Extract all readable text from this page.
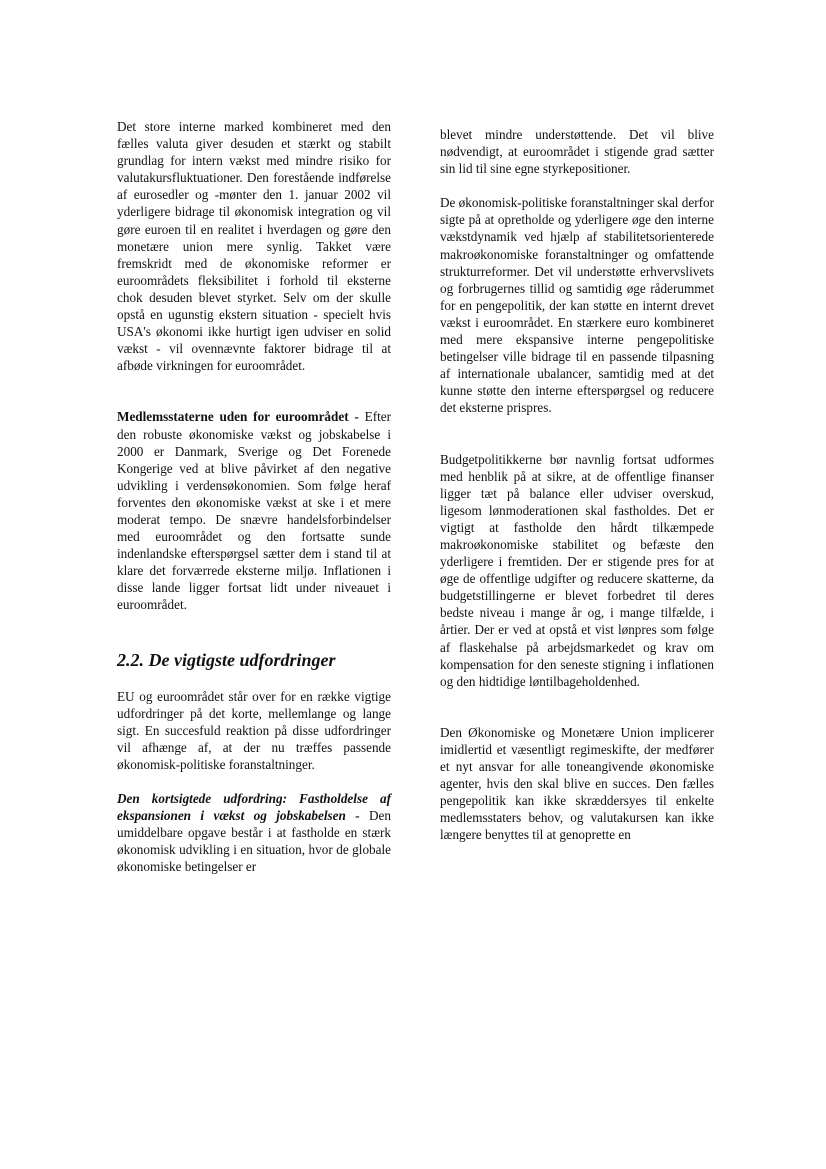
Det store interne marked kombineret med den fælles valuta giver desuden et stærkt og stabilt grundlag for intern vækst med mindre risiko for valutakursfluktuationer. Den forestående indførelse af eurosedler og -mønter den 1. januar 2002 vil yderligere bidrage til økonomisk integration og vil gøre euroen til en realitet i hverdagen og gøre den monetære union mere synlig. Takket være fremskridt med de økonomiske reformer er euroområdets fleksibilitet i forhold til eksterne chok desuden blevet styrket. Selv om der skulle opstå en ugunstig ekstern situation - specielt hvis USA's økonomi ikke hurtigt igen udviser en solid vækst - vil ovennævnte faktorer bidrage til at afbøde virkningen for euroområdet.

Medlemsstaterne uden for euroområdet - Efter den robuste økonomiske vækst og jobskabelse i 2000 er Danmark, Sverige og Det Forenede Kongerige ved at blive påvirket af den negative udvikling i verdensøkonomien. Som følge heraf forventes den økonomiske vækst at ske i et mere moderat tempo. De snævre handelsforbindelser med euroområdet og den fortsatte sunde indenlandske efterspørgsel sætter dem i stand til at klare det forværrede eksterne miljø. Inflationen i disse lande ligger fortsat lidt under niveauet i euroområdet.

2.2. De vigtigste udfordringer

EU og euroområdet står over for en række vigtige udfordringer på det korte, mellemlange og lange sigt. En succesfuld reaktion på disse udfordringer vil afhænge af, at der nu træffes passende økonomisk-politiske foranstaltninger.

Den kortsigtede udfordring: Fastholdelse af ekspansionen i vækst og jobskabelsen - Den umiddelbare opgave består i at fastholde en stærk økonomisk udvikling i en situation, hvor de globale økonomiske betingelser er

blevet mindre understøttende. Det vil blive nødvendigt, at euroområdet i stigende grad sætter sin lid til sine egne styrkepositioner.

De økonomisk-politiske foranstaltninger skal derfor sigte på at opretholde og yderligere øge den interne vækstdynamik ved hjælp af stabilitetsorienterede makroøkonomiske foranstaltninger og omfattende strukturreformer. Det vil understøtte erhvervslivets og forbrugernes tillid og samtidig øge råderummet for en pengepolitik, der kan støtte en internt drevet vækst i euroområdet. En stærkere euro kombineret med mere ekspansive interne pengepolitiske betingelser ville bidrage til en passende tilpasning af internationale ubalancer, samtidig med at det kunne støtte den interne efterspørgsel og reducere det eksterne prispres.

Budgetpolitikkerne bør navnlig fortsat udformes med henblik på at sikre, at de offentlige finanser ligger tæt på balance eller udviser overskud, ligesom lønmoderationen skal fastholdes. Det er vigtigt at fastholde den hårdt tilkæmpede makroøkonomiske stabilitet og befæste den yderligere i fremtiden. Der er stigende pres for at øge de offentlige udgifter og reducere skatterne, da budgetstillingerne er blevet forbedret til deres bedste niveau i mange år og, i mange tilfælde, i årtier. Der er ved at opstå et vist lønpres som følge af flaskehalse på arbejdsmarkedet og krav om kompensation for den seneste stigning i inflationen og den hidtidige løntilbageholdenhed.

Den Økonomiske og Monetære Union implicerer imidlertid et væsentligt regimeskifte, der medfører et nyt ansvar for alle toneangivende økonomiske agenter, hvis den skal blive en succes. Den fælles pengepolitik kan ikke skræddersyes til enkelte medlemsstaters behov, og valutakursen kan ikke længere benyttes til at genoprette en
